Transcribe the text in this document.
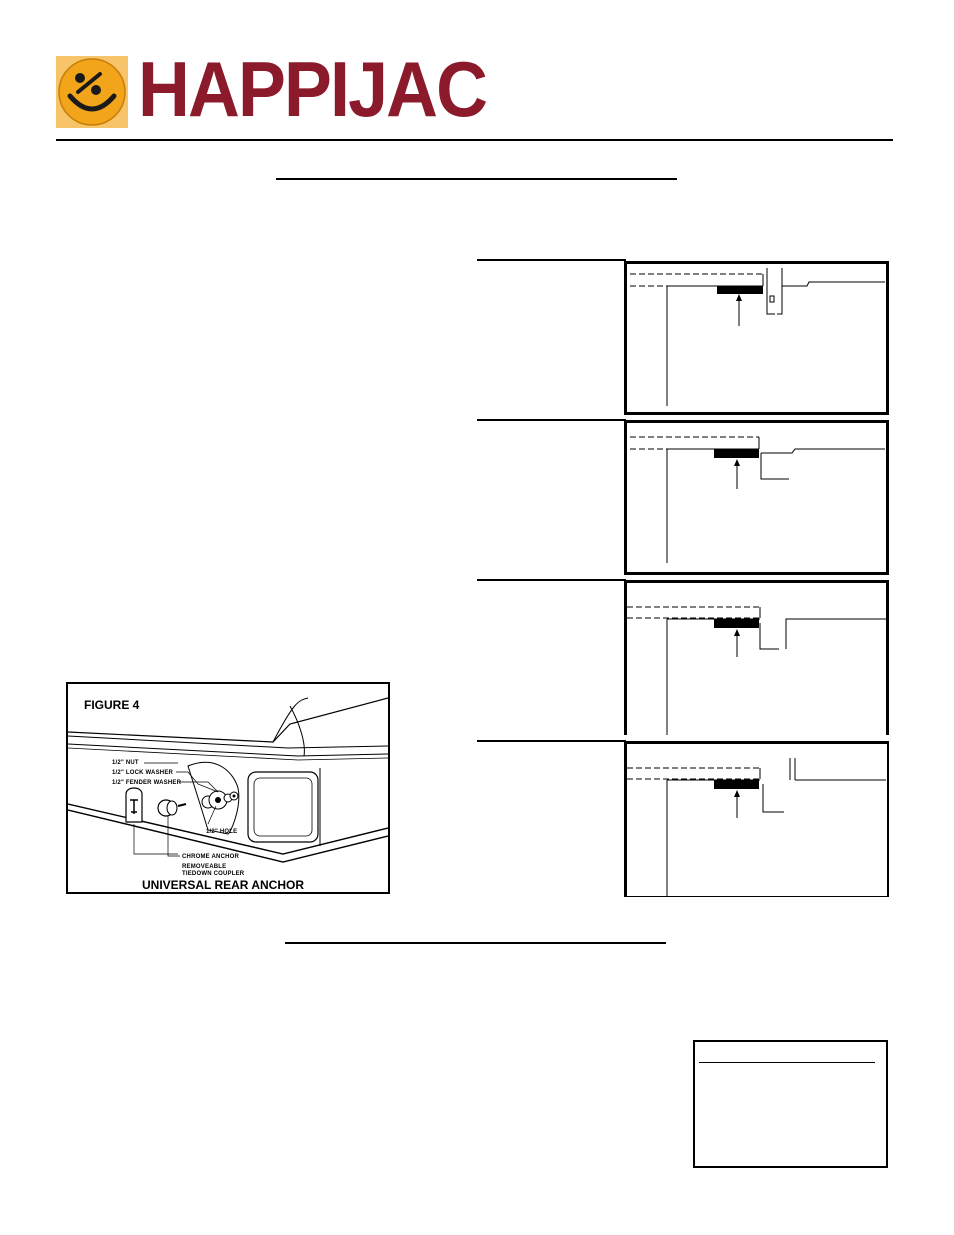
HAPPIJAC
FIGURE 4
1/2" NUT
1/2" LOCK WASHER
1/2" FENDER WASHER
1/2" HOLE
CHROME ANCHOR
REMOVEABLE
TIEDOWN COUPLER
UNIVERSAL REAR ANCHOR
